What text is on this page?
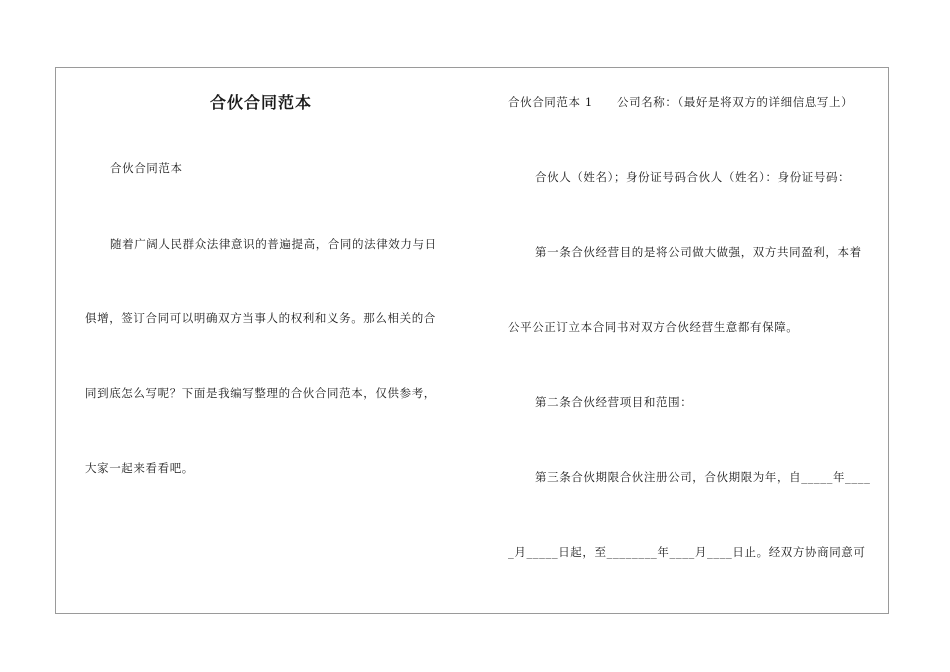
合伙合同范本
合伙合同范本
随着广阔人民群众法律意识的普遍提高，合同的法律效力与日
俱增，签订合同可以明确双方当事人的权利和义务。那么相关的合
同到底怎么写呢？下面是我编写整理的合伙合同范本，仅供参考，
大家一起来看看吧。
合伙合同范本 1　　公司名称：（最好是将双方的详细信息写上）
合伙人（姓名）；身份证号码合伙人（姓名）：身份证号码：
第一条合伙经营目的是将公司做大做强，双方共同盈利，本着
公平公正订立本合同书对双方合伙经营生意都有保障。
第二条合伙经营项目和范围：
第三条合伙期限合伙注册公司，合伙期限为年，自_____年____
_月_____日起，至________年____月____日止。经双方协商同意可
